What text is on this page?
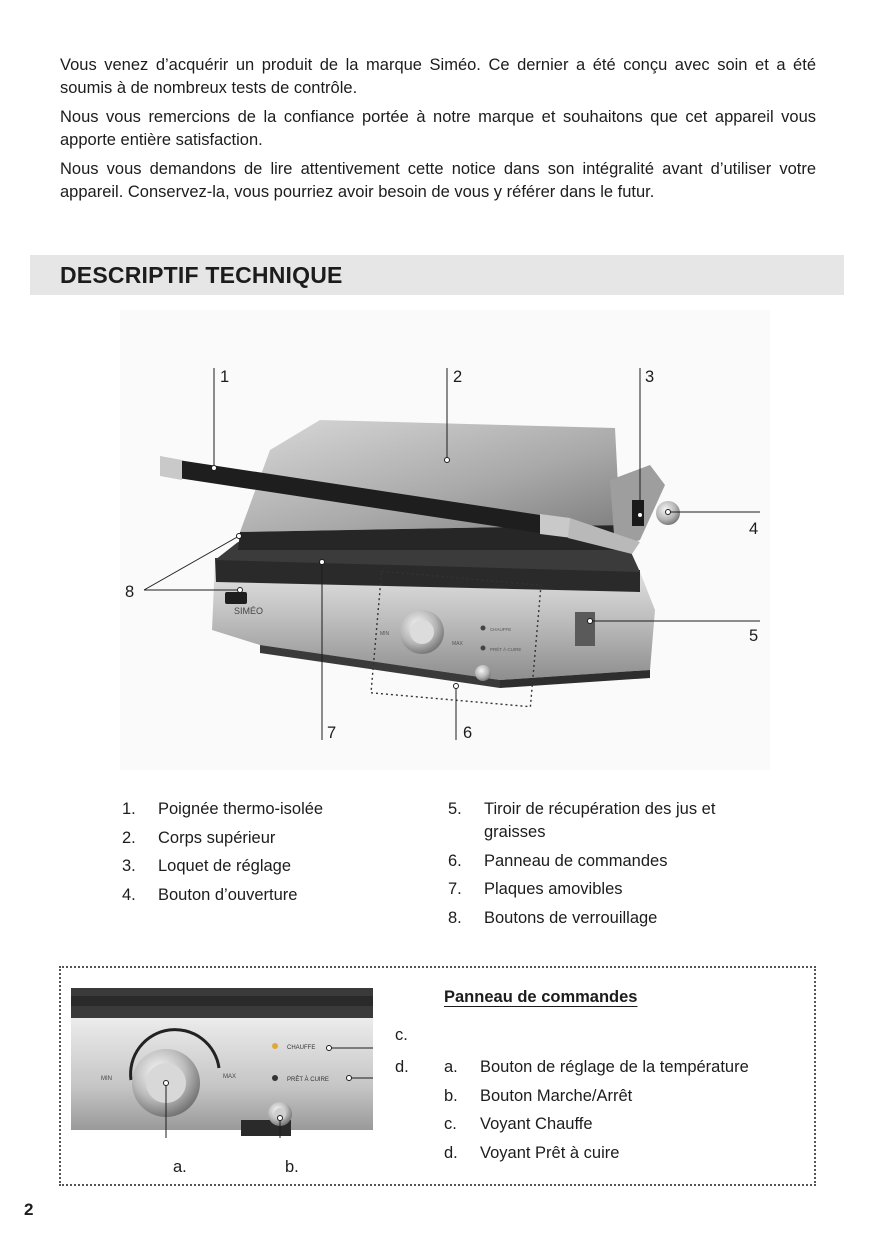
Vous venez d’acquérir un produit de la marque Siméo. Ce dernier a été conçu avec soin et a été soumis à de nombreux tests de contrôle.

Nous vous remercions de la confiance portée à notre marque et souhaitons que cet appareil vous apporte entière satisfaction.

Nous vous demandons de lire attentivement cette notice dans son intégralité avant d’utiliser votre appareil. Conservez-la, vous pourriez avoir besoin de vous y référer dans le futur.

DESCRIPTIF TECHNIQUE
MIN
MAX
CHAUFFE
PRÊT À CUIRE
SIMÉO
1	2	3
4
5
6
7
8
1.	Poignée thermo-isolée
2.	Corps supérieur
3.	Loquet de réglage
4.	Bouton d’ouverture
5.	Tiroir de récupération des jus et graisses
6.	Panneau de commandes
7.	Plaques amovibles
8.	Boutons de verrouillage
MIN	MAX
CHAUFFE
PRÊT À CUIRE
a.	b.
c.
d.
Panneau de commandes
a.	Bouton de réglage de la température
b.	Bouton Marche/Arrêt
c.	Voyant Chauffe
d.	Voyant Prêt à cuire
2
